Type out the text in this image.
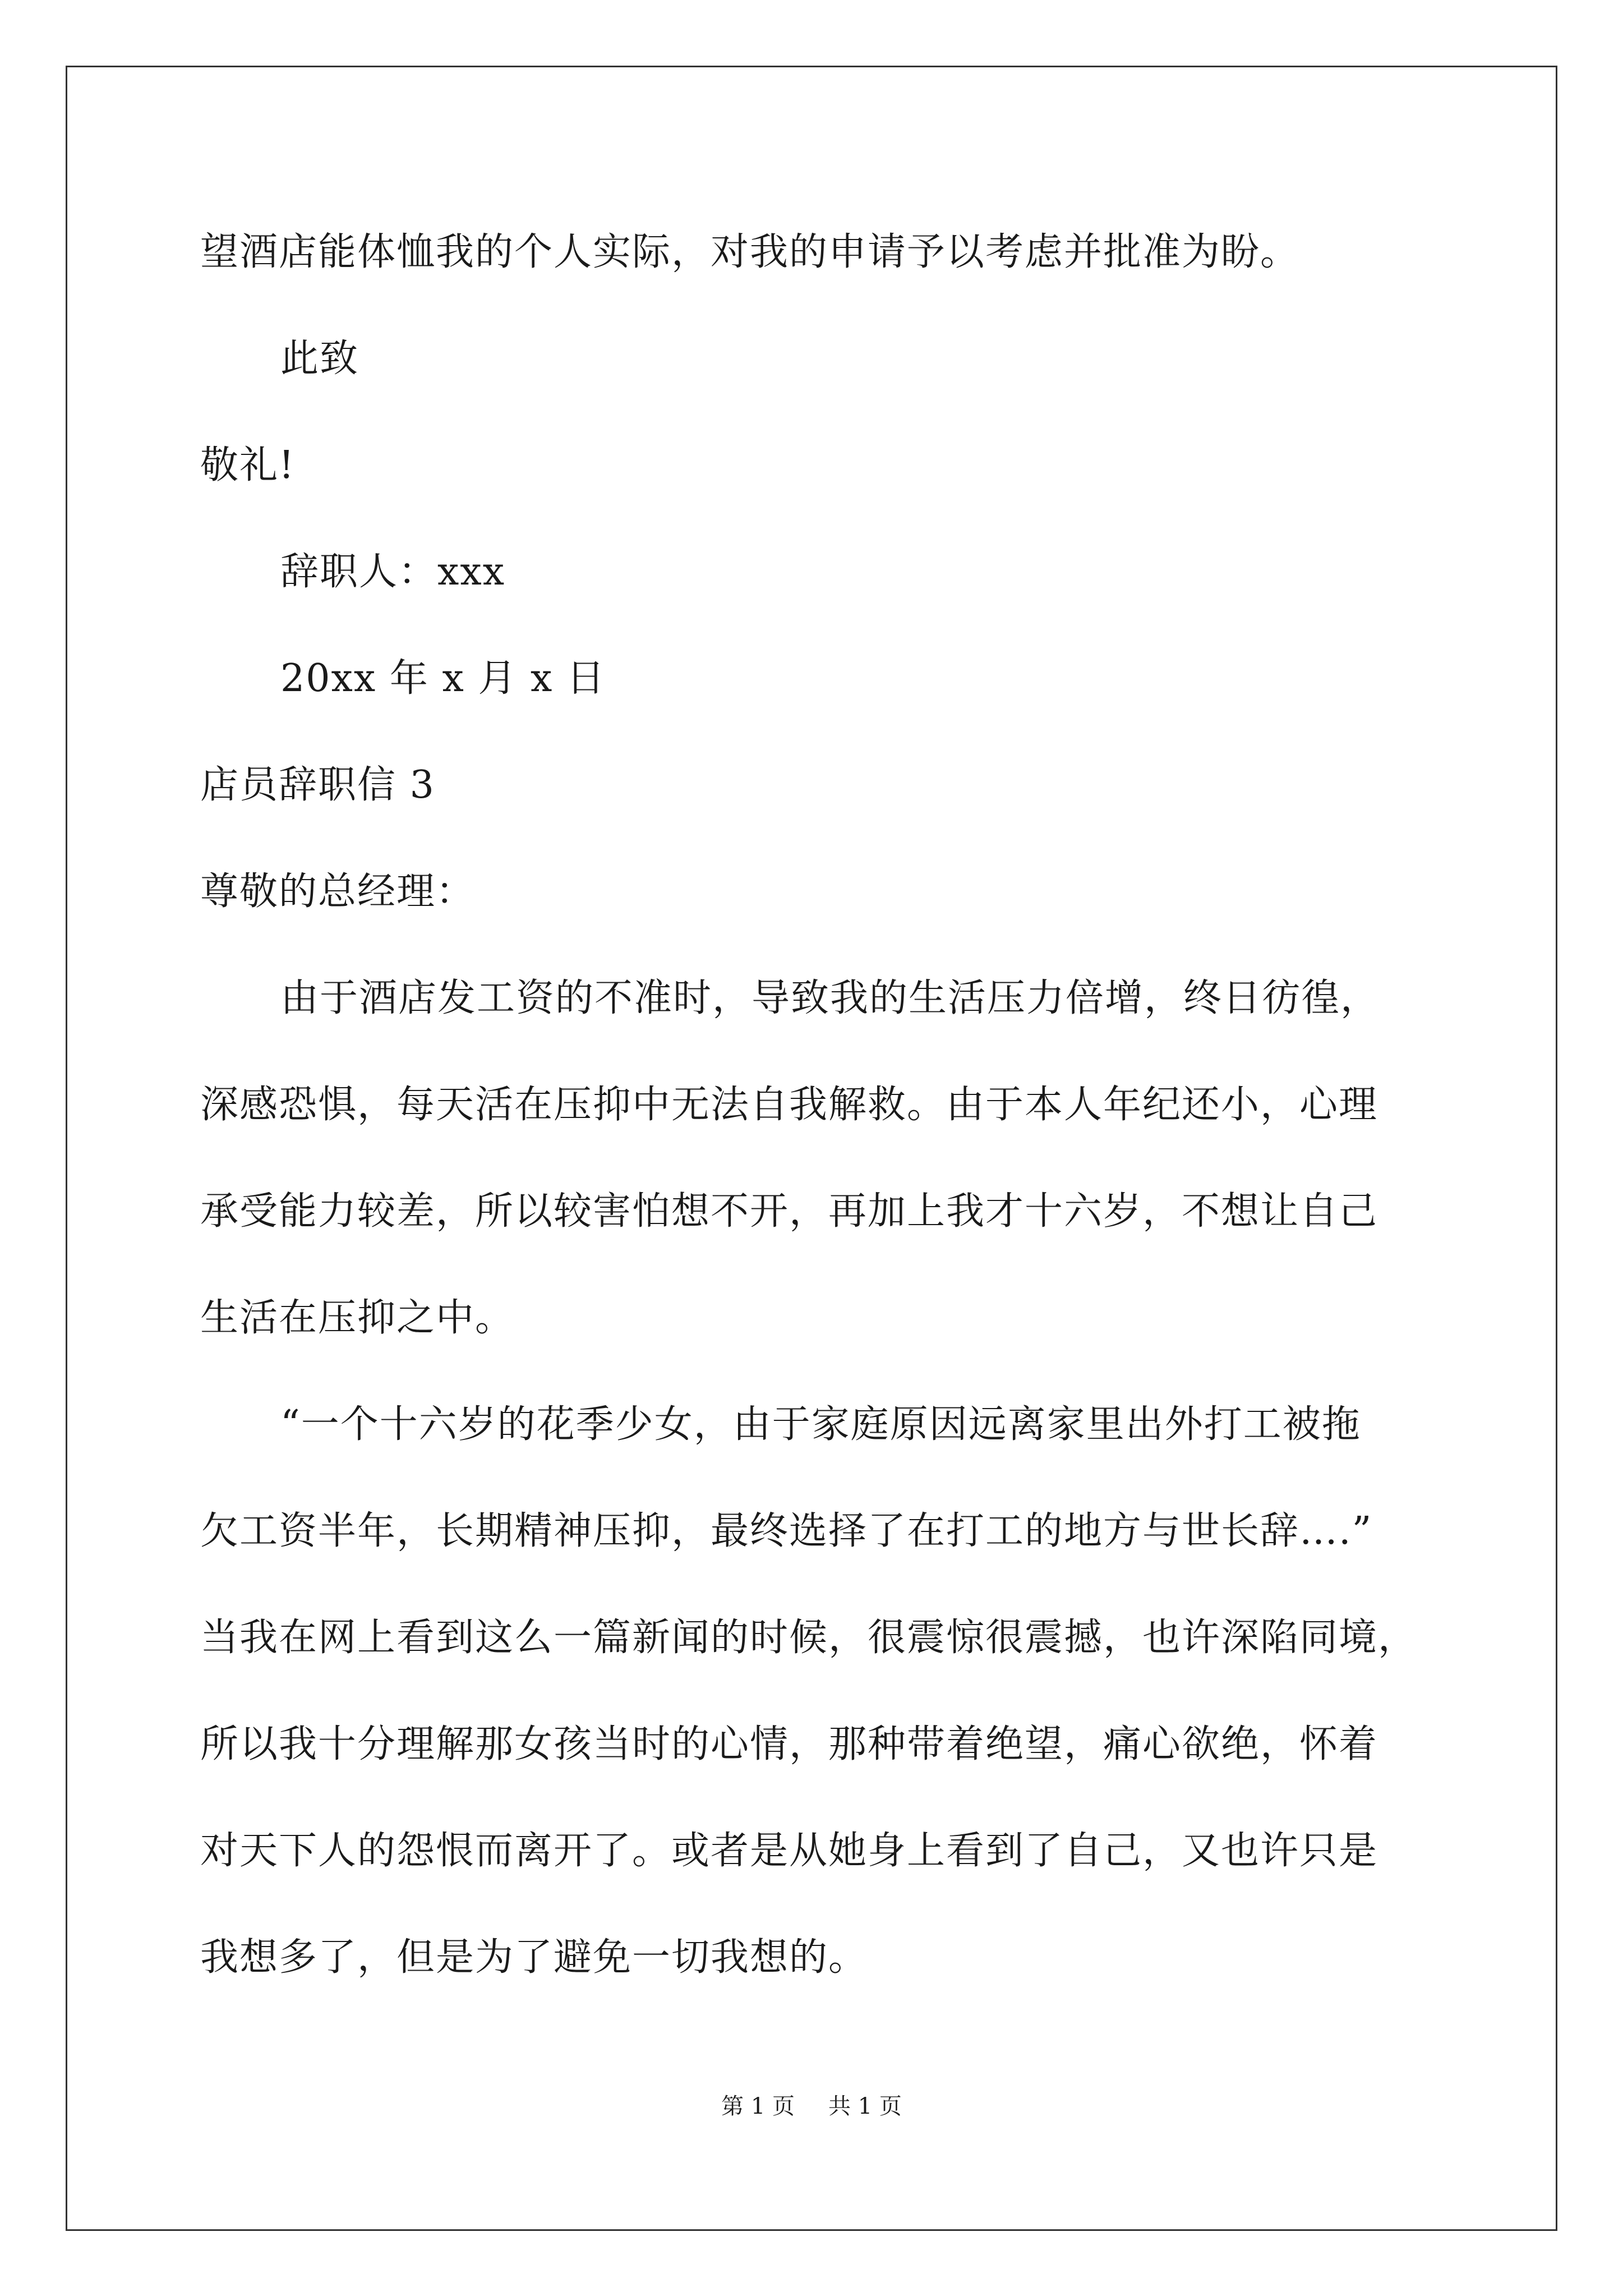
望酒店能体恤我的个人实际，对我的申请予以考虑并批准为盼。
此致
敬礼!
辞职人：xxx
20xx 年 x 月 x 日
店员辞职信 3
尊敬的总经理：
由于酒店发工资的不准时，导致我的生活压力倍增，终日彷徨，
深感恐惧，每天活在压抑中无法自我解救。由于本人年纪还小，心理
承受能力较差，所以较害怕想不开，再加上我才十六岁，不想让自己
生活在压抑之中。
“一个十六岁的花季少女，由于家庭原因远离家里出外打工被拖
欠工资半年，长期精神压抑，最终选择了在打工的地方与世长辞….”
当我在网上看到这么一篇新闻的时候，很震惊很震撼，也许深陷同境，
所以我十分理解那女孩当时的心情，那种带着绝望，痛心欲绝，怀着
对天下人的怨恨而离开了。或者是从她身上看到了自己，又也许只是
我想多了，但是为了避免一切我想的。
第 1 页 共 1 页
